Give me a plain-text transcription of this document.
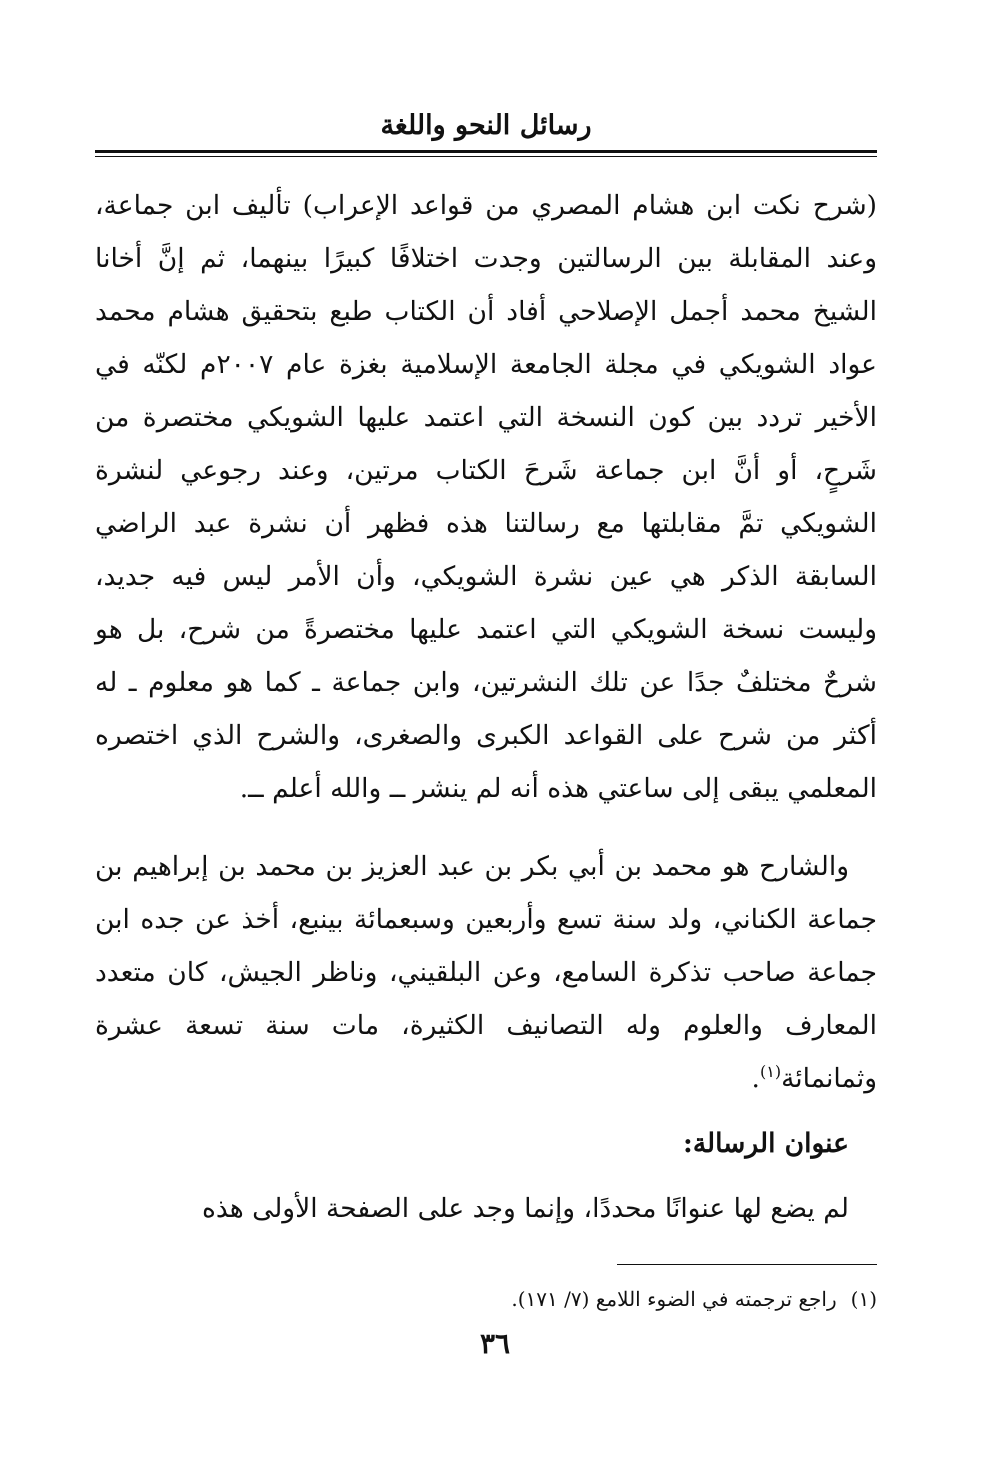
رسائل النحو واللغة

(شرح نكت ابن هشام المصري من قواعد الإعراب) تأليف ابن جماعة، وعند المقابلة بين الرسالتين وجدت اختلافًا كبيرًا بينهما، ثم إنَّ أخانا الشيخ محمد أجمل الإصلاحي أفاد أن الكتاب طبع بتحقيق هشام محمد عواد الشويكي في مجلة الجامعة الإسلامية بغزة عام ٢٠٠٧م لكنّه في الأخير تردد بين كون النسخة التي اعتمد عليها الشويكي مختصرة من شَرحٍ، أو أنَّ ابن جماعة شَرحَ الكتاب مرتين، وعند رجوعي لنشرة الشويكي تمَّ مقابلتها مع رسالتنا هذه فظهر أن نشرة عبد الراضي السابقة الذكر هي عين نشرة الشويكي، وأن الأمر ليس فيه جديد، وليست نسخة الشويكي التي اعتمد عليها مختصرةً من شرح، بل هو شرحٌ مختلفٌ جدًا عن تلك النشرتين، وابن جماعة ـ كما هو معلوم ـ له أكثر من شرح على القواعد الكبرى والصغرى، والشرح الذي اختصره المعلمي يبقى إلى ساعتي هذه أنه لم ينشر ــ والله أعلم ــ.

والشارح هو محمد بن أبي بكر بن عبد العزيز بن محمد بن إبراهيم بن جماعة الكناني، ولد سنة تسع وأربعين وسبعمائة بينبع، أخذ عن جده ابن جماعة صاحب تذكرة السامع، وعن البلقيني، وناظر الجيش، كان متعدد المعارف والعلوم وله التصانيف الكثيرة، مات سنة تسعة عشرة وثمانمائة$^{(١)}$.

عنوان الرسالة:

لم يضع لها عنوانًا محددًا، وإنما وجد على الصفحة الأولى هذه

(١)راجع ترجمته في الضوء اللامع (٧/ ١٧١).
٣٦
